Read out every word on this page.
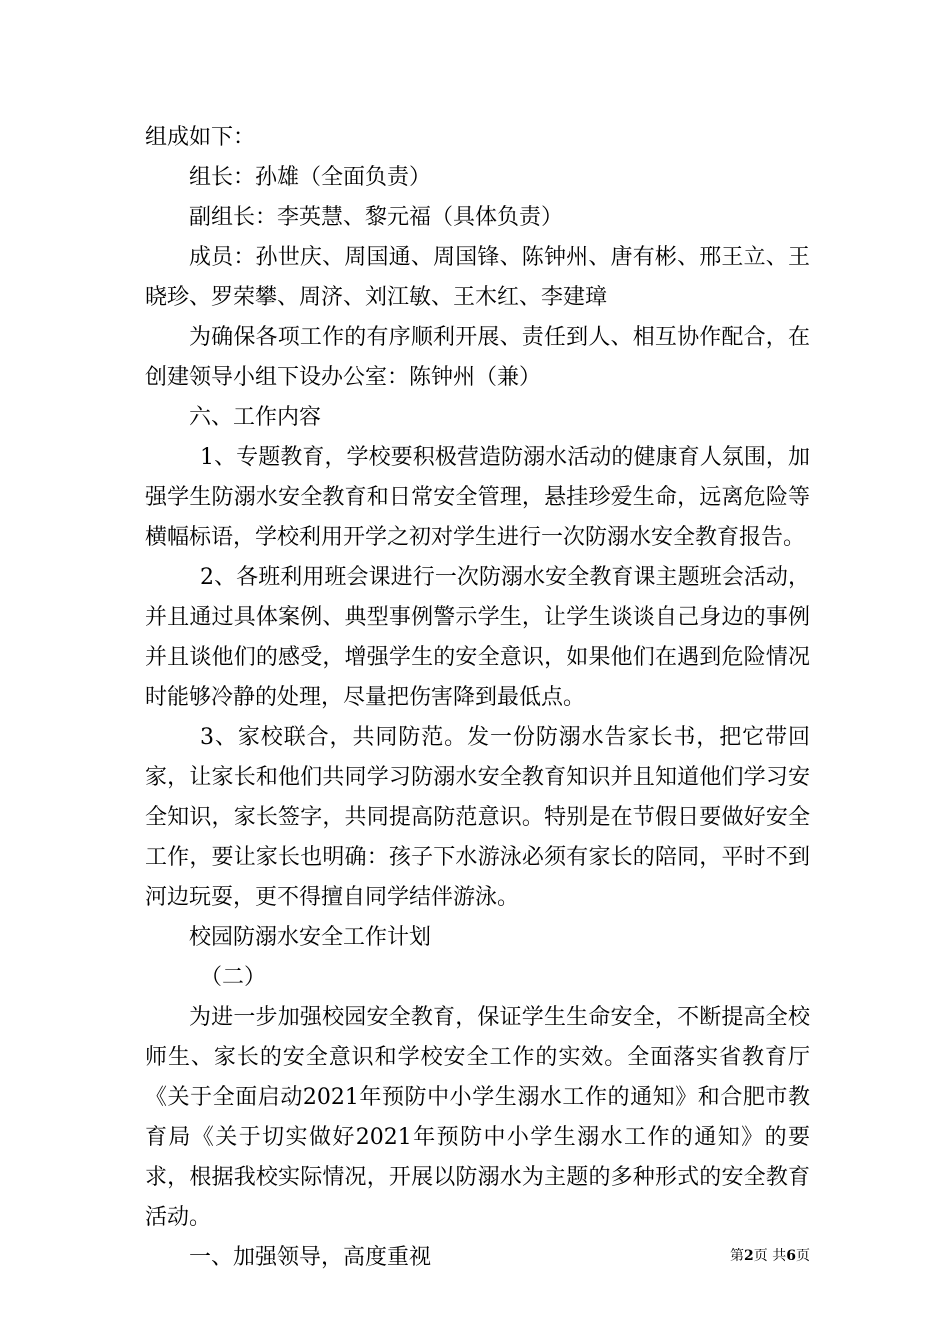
组成如下：

组长：孙雄（全面负责）

副组长：李英慧、黎元福（具体负责）

成员：孙世庆、周国通、周国锋、陈钟州、唐有彬、邢王立、王晓珍、罗荣攀、周济、刘江敏、王木红、李建璋

为确保各项工作的有序顺利开展、责任到人、相互协作配合，在创建领导小组下设办公室：陈钟州（兼）

六、工作内容

1、专题教育，学校要积极营造防溺水活动的健康育人氛围，加强学生防溺水安全教育和日常安全管理，悬挂珍爱生命，远离危险等横幅标语，学校利用开学之初对学生进行一次防溺水安全教育报告。

2、各班利用班会课进行一次防溺水安全教育课主题班会活动，并且通过具体案例、典型事例警示学生，让学生谈谈自己身边的事例并且谈他们的感受，增强学生的安全意识，如果他们在遇到危险情况时能够冷静的处理，尽量把伤害降到最低点。

3、家校联合，共同防范。发一份防溺水告家长书，把它带回家，让家长和他们共同学习防溺水安全教育知识并且知道他们学习安全知识，家长签字，共同提高防范意识。特别是在节假日要做好安全工作，要让家长也明确：孩子下水游泳必须有家长的陪同，平时不到河边玩耍，更不得擅自同学结伴游泳。

校园防溺水安全工作计划

（二）

为进一步加强校园安全教育，保证学生生命安全，不断提高全校师生、家长的安全意识和学校安全工作的实效。全面落实省教育厅《关于全面启动2021年预防中小学生溺水工作的通知》和合肥市教育局《关于切实做好2021年预防中小学生溺水工作的通知》的要求，根据我校实际情况，开展以防溺水为主题的多种形式的安全教育活动。

一、加强领导，高度重视	第2页 共6页
